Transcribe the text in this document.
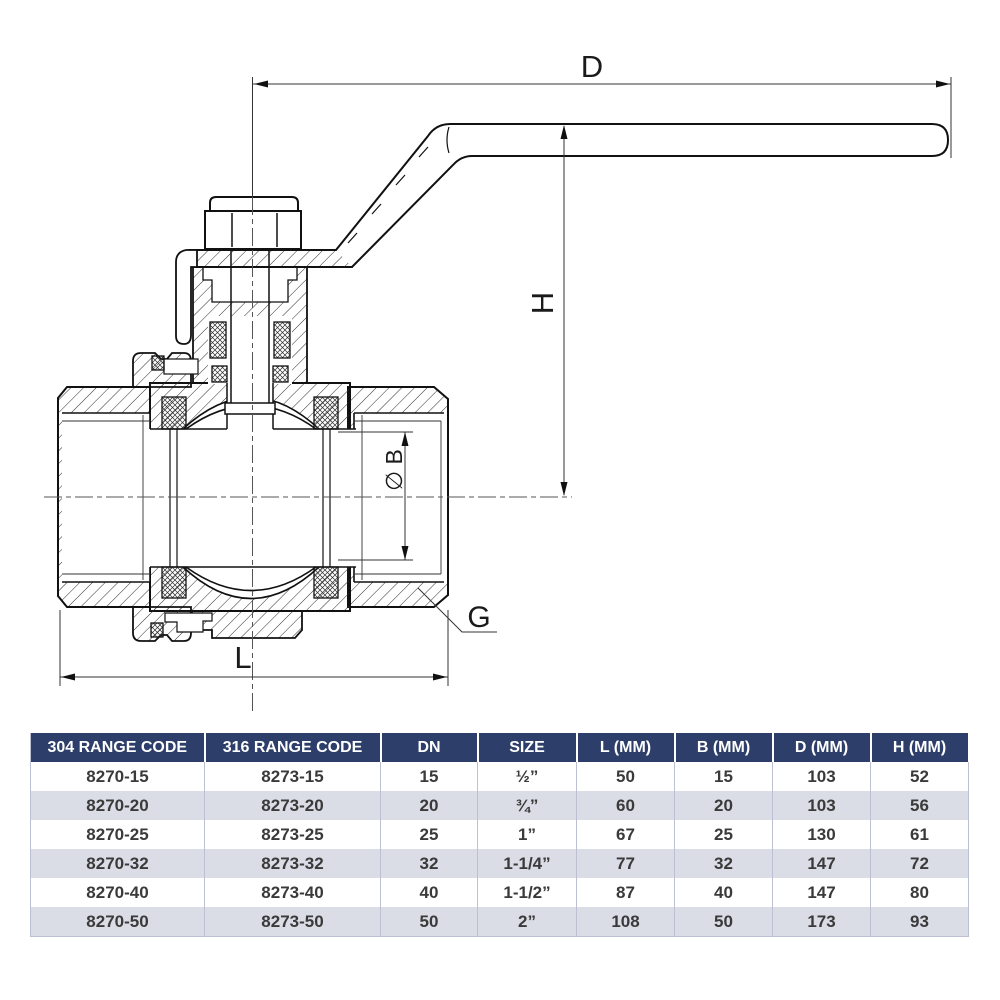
D
H
L
∅ B
G
304 RANGE CODE	316 RANGE CODE	DN	SIZE	L (MM)	B (MM)	D (MM)	H (MM)
8270-15	8273-15	15	½”	50	15	103	52
8270-20	8273-20	20	¾”	60	20	103	56
8270-25	8273-25	25	1”	67	25	130	61
8270-32	8273-32	32	1-1/4”	77	32	147	72
8270-40	8273-40	40	1-1/2”	87	40	147	80
8270-50	8273-50	50	2”	108	50	173	93
